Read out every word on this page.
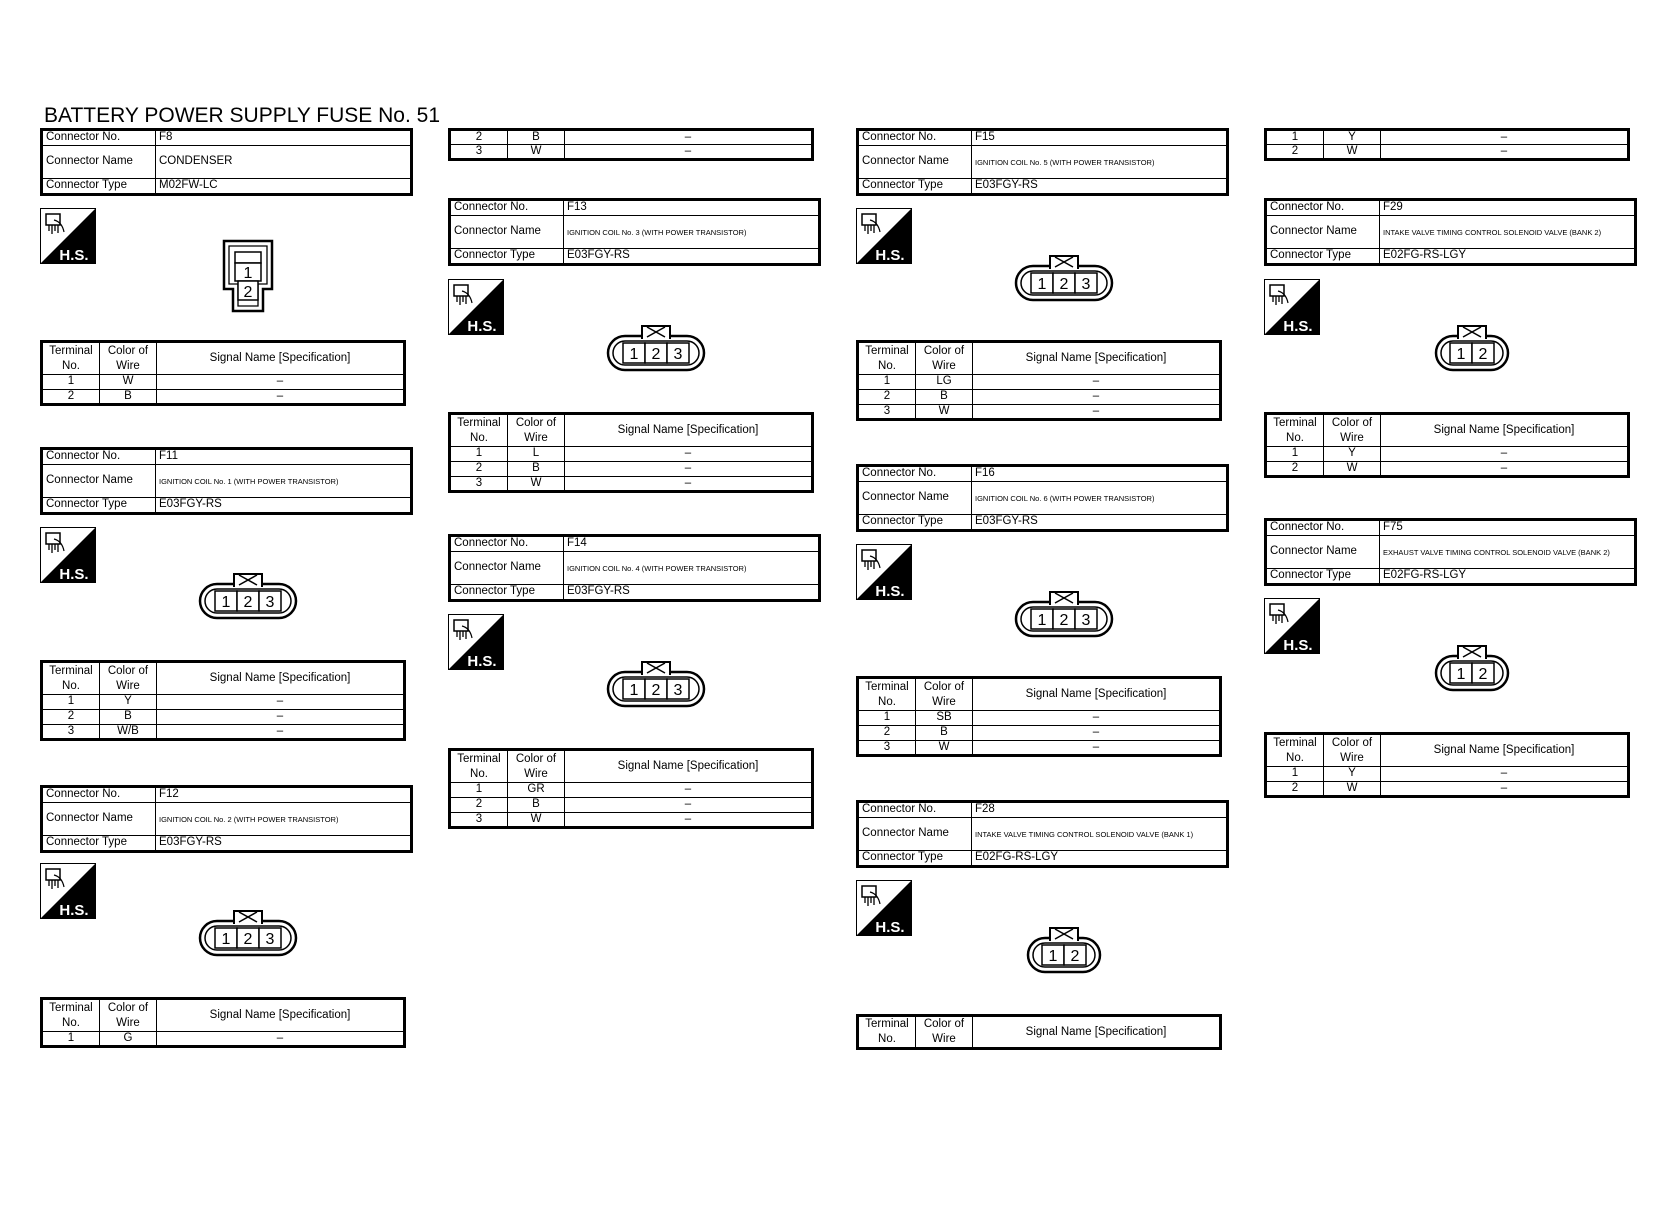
BATTERY POWER SUPPLY FUSE No. 51
Connector No.	F8
Connector Name	CONDENSER
Connector Type	M02FW-LC
H.S.
1
2
Terminal No.	Color of Wire	Signal Name [Specification]
1	W	–
2	B	–
Connector No.	F11
Connector Name	IGNITION COIL No. 1 (WITH POWER TRANSISTOR)
Connector Type	E03FGY-RS
H.S.
1 2 3
Terminal No.	Color of Wire	Signal Name [Specification]
1	Y	–
2	B	–
3	W/B	–
Connector No.	F12
Connector Name	IGNITION COIL No. 2 (WITH POWER TRANSISTOR)
Connector Type	E03FGY-RS
H.S.
1 2 3
Terminal No.	Color of Wire	Signal Name [Specification]
1	G	–
2	B	–
3	W	–
Connector No.	F13
Connector Name	IGNITION COIL No. 3 (WITH POWER TRANSISTOR)
Connector Type	E03FGY-RS
H.S.
1 2 3
Terminal No.	Color of Wire	Signal Name [Specification]
1	L	–
2	B	–
3	W	–
Connector No.	F14
Connector Name	IGNITION COIL No. 4 (WITH POWER TRANSISTOR)
Connector Type	E03FGY-RS
H.S.
1 2 3
Terminal No.	Color of Wire	Signal Name [Specification]
1	GR	–
2	B	–
3	W	–
Connector No.	F15
Connector Name	IGNITION COIL No. 5 (WITH POWER TRANSISTOR)
Connector Type	E03FGY-RS
H.S.
1 2 3
Terminal No.	Color of Wire	Signal Name [Specification]
1	LG	–
2	B	–
3	W	–
Connector No.	F16
Connector Name	IGNITION COIL No. 6 (WITH POWER TRANSISTOR)
Connector Type	E03FGY-RS
H.S.
1 2 3
Terminal No.	Color of Wire	Signal Name [Specification]
1	SB	–
2	B	–
3	W	–
Connector No.	F28
Connector Name	INTAKE VALVE TIMING CONTROL SOLENOID VALVE (BANK 1)
Connector Type	E02FG-RS-LGY
H.S.
1 2
Terminal No.	Color of Wire	Signal Name [Specification]
1	Y	–
2	W	–
Connector No.	F29
Connector Name	INTAKE VALVE TIMING CONTROL SOLENOID VALVE (BANK 2)
Connector Type	E02FG-RS-LGY
H.S.
1 2
Terminal No.	Color of Wire	Signal Name [Specification]
1	Y	–
2	W	–
Connector No.	F75
Connector Name	EXHAUST VALVE TIMING CONTROL SOLENOID VALVE (BANK 2)
Connector Type	E02FG-RS-LGY
H.S.
1 2
Terminal No.	Color of Wire	Signal Name [Specification]
1	Y	–
2	W	–
